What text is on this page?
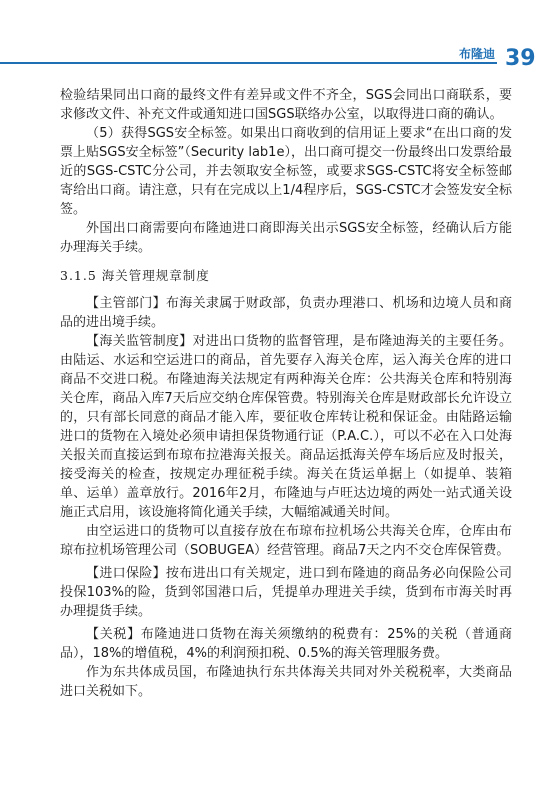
布隆迪 39

检验结果同出口商的最终文件有差异或文件不齐全，SGS会同出口商联系，要求修改文件、补充文件或通知进口国SGS联络办公室，以取得进口商的确认。

（5）获得SGS安全标签。如果出口商收到的信用证上要求“在出口商的发票上贴SGS安全标签”（Security lab1e），出口商可提交一份最终出口发票给最近的SGS-CSTC分公司，并去领取安全标签，或要求SGS-CSTC将安全标签邮寄给出口商。请注意，只有在完成以上1/4程序后，SGS-CSTC才会签发安全标签。

外国出口商需要向布隆迪进口商即海关出示SGS安全标签，经确认后方能办理海关手续。

3.1.5 海关管理规章制度

【主管部门】布海关隶属于财政部，负责办理港口、机场和边境人员和商品的进出境手续。

【海关监管制度】对进出口货物的监督管理，是布隆迪海关的主要任务。由陆运、水运和空运进口的商品，首先要存入海关仓库，运入海关仓库的进口商品不交进口税。布隆迪海关法规定有两种海关仓库：公共海关仓库和特别海关仓库，商品入库7天后应交纳仓库保管费。特别海关仓库是财政部长允许设立的，只有部长同意的商品才能入库，要征收仓库转让税和保证金。由陆路运输进口的货物在入境处必须申请担保货物通行证（P.A.C.），可以不必在入口处海关报关而直接运到布琼布拉港海关报关。商品运抵海关停车场后应及时报关，接受海关的检查，按规定办理征税手续。海关在货运单据上（如提单、装箱单、运单）盖章放行。2016年2月，布隆迪与卢旺达边境的两处一站式通关设施正式启用，该设施将简化通关手续，大幅缩减通关时间。

由空运进口的货物可以直接存放在布琼布拉机场公共海关仓库，仓库由布琼布拉机场管理公司（SOBUGEA）经营管理。商品7天之内不交仓库保管费。

【进口保险】按布进出口有关规定，进口到布隆迪的商品务必向保险公司投保103%的险，货到邻国港口后，凭提单办理进关手续，货到布市海关时再办理提货手续。

【关税】布隆迪进口货物在海关须缴纳的税费有：25%的关税（普通商品），18%的增值税，4%的利润预扣税、0.5%的海关管理服务费。

作为东共体成员国，布隆迪执行东共体海关共同对外关税税率，大类商品进口关税如下。
